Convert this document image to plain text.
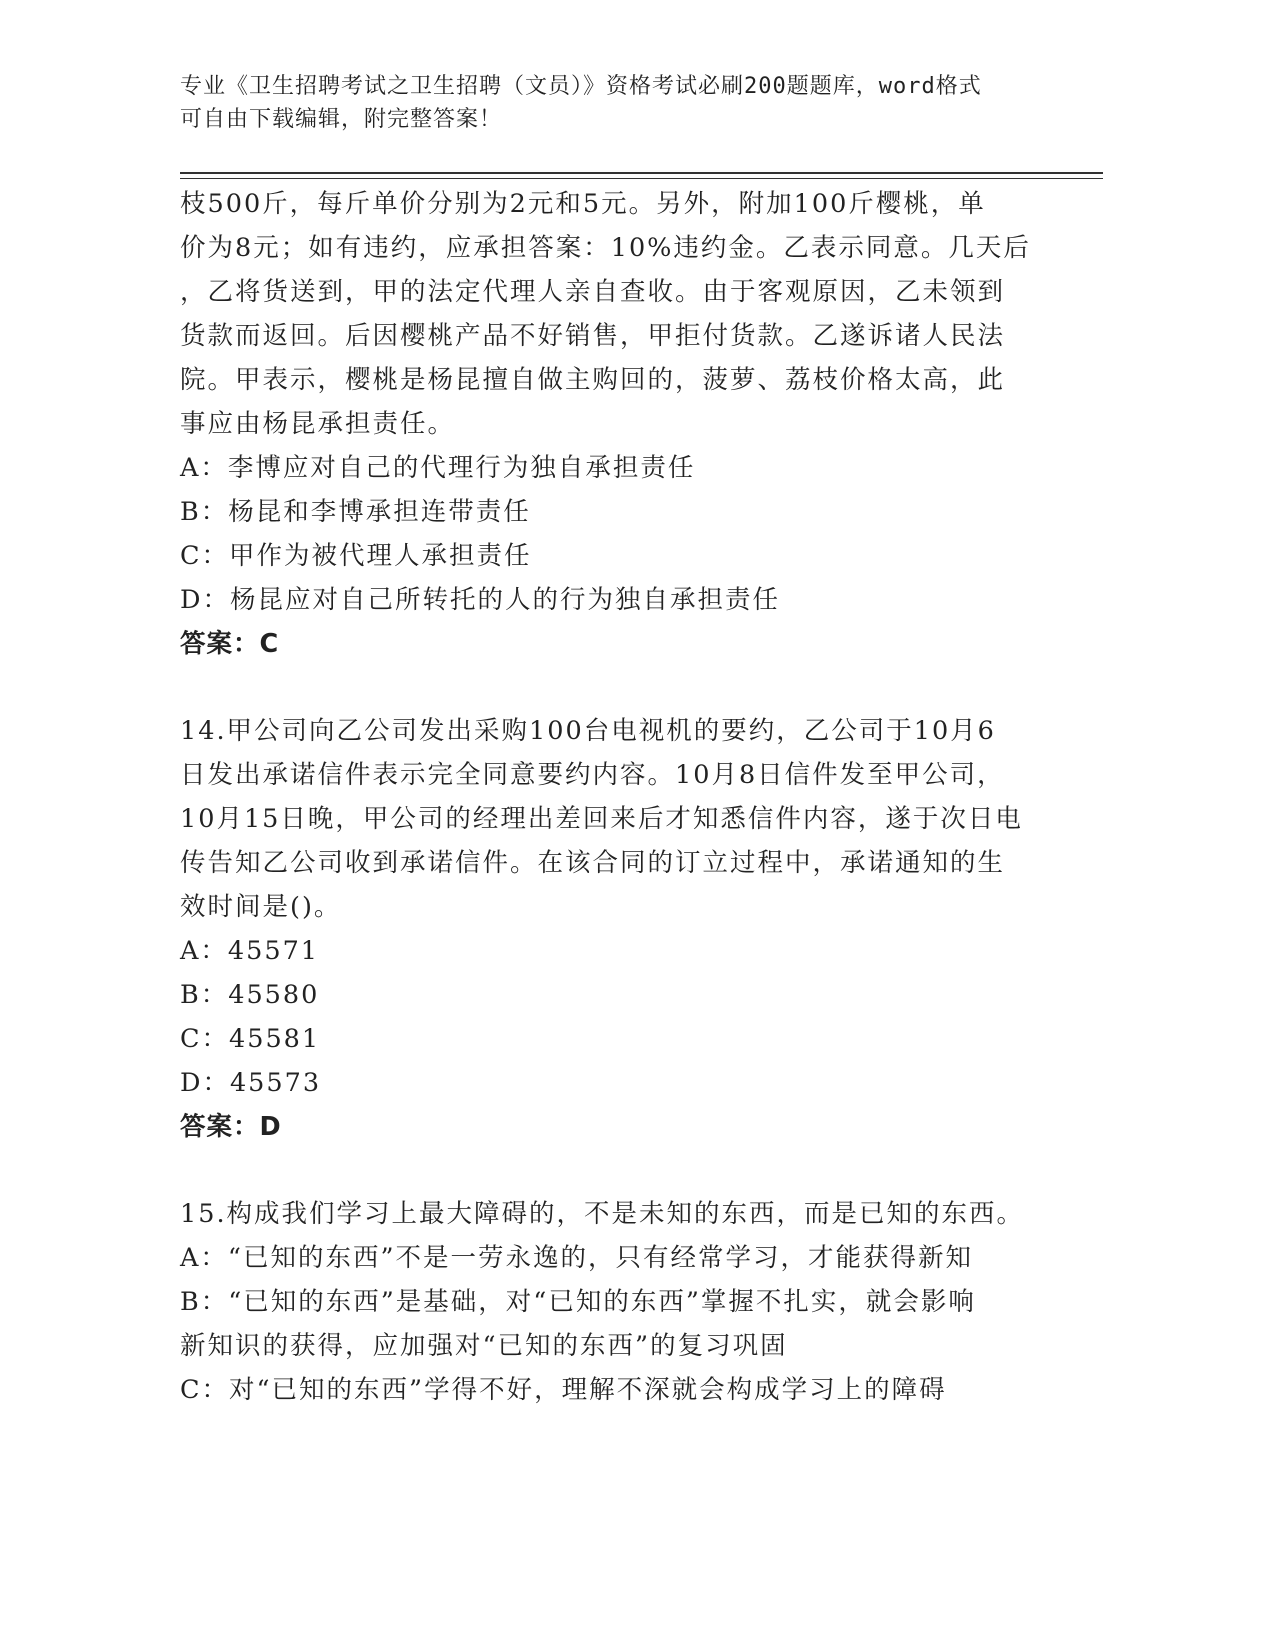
专业《卫生招聘考试之卫生招聘（文员）》资格考试必刷200题题库，word格式
可自由下载编辑，附完整答案！
枝500斤，每斤单价分别为2元和5元。另外，附加100斤樱桃，单
价为8元；如有违约，应承担答案：10%违约金。乙表示同意。几天后
，乙将货送到，甲的法定代理人亲自查收。由于客观原因，乙未领到
货款而返回。后因樱桃产品不好销售，甲拒付货款。乙遂诉诸人民法
院。甲表示，樱桃是杨昆擅自做主购回的，菠萝、荔枝价格太高，此
事应由杨昆承担责任。
A：李博应对自己的代理行为独自承担责任
B：杨昆和李博承担连带责任
C：甲作为被代理人承担责任
D：杨昆应对自己所转托的人的行为独自承担责任
答案：C
14.甲公司向乙公司发出采购100台电视机的要约，乙公司于10月6
日发出承诺信件表示完全同意要约内容。10月8日信件发至甲公司，
10月15日晚，甲公司的经理出差回来后才知悉信件内容，遂于次日电
传告知乙公司收到承诺信件。在该合同的订立过程中，承诺通知的生
效时间是()。
A：45571
B：45580
C：45581
D：45573
答案：D
15.构成我们学习上最大障碍的，不是未知的东西，而是已知的东西。
A：“已知的东西”不是一劳永逸的，只有经常学习，才能获得新知
B：“已知的东西”是基础，对“已知的东西”掌握不扎实，就会影响
新知识的获得，应加强对“已知的东西”的复习巩固
C：对“已知的东西”学得不好，理解不深就会构成学习上的障碍
